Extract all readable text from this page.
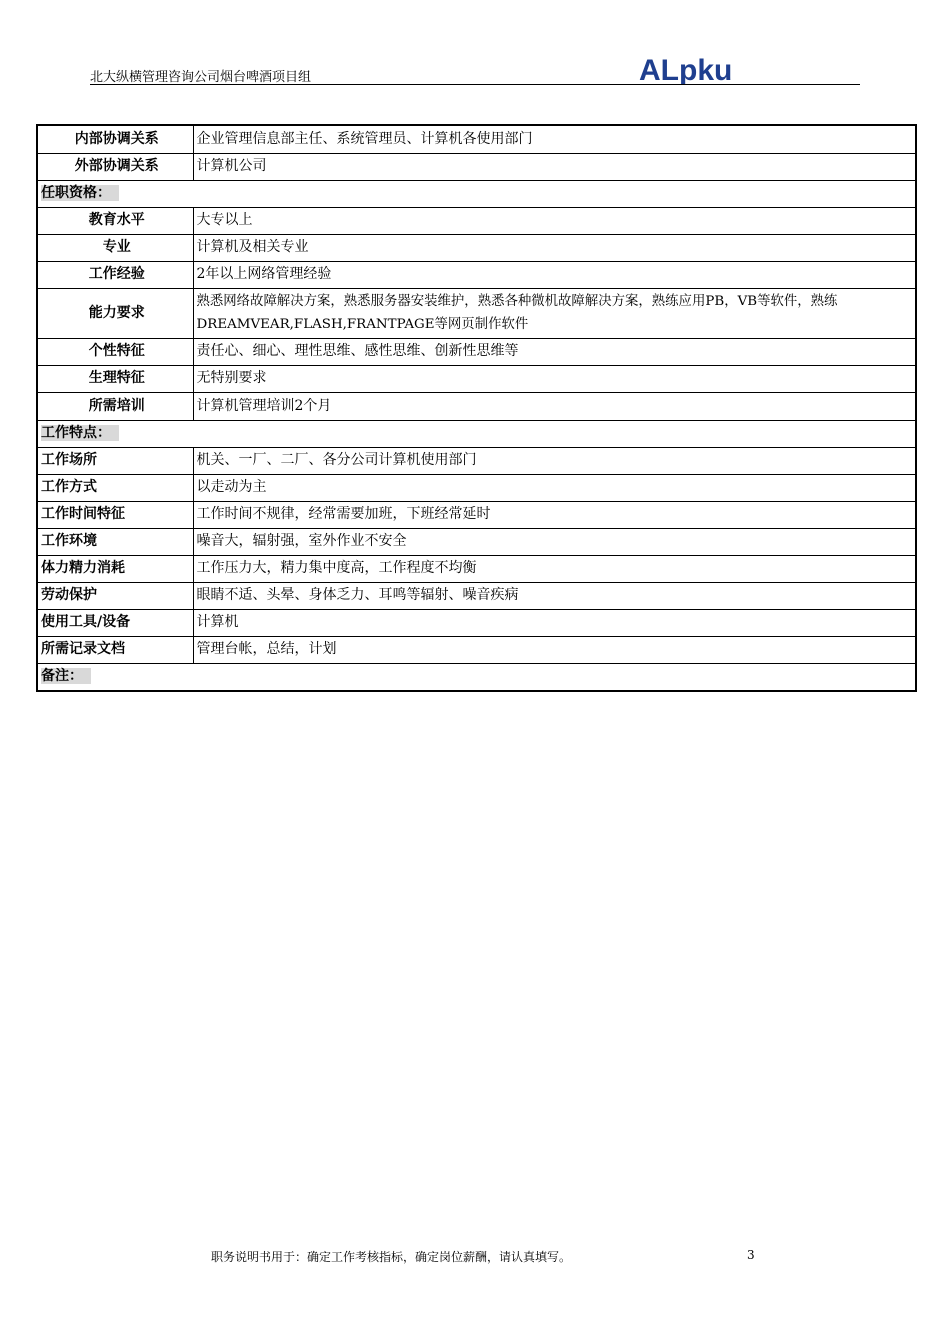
北大纵横管理咨询公司烟台啤酒项目组	ALpku
内部协调关系	企业管理信息部主任、系统管理员、计算机各使用部门
外部协调关系	计算机公司
任职资格：	
教育水平	大专以上
专业	计算机及相关专业
工作经验	2年以上网络管理经验
能力要求	熟悉网络故障解决方案，熟悉服务器安装维护，熟悉各种微机故障解决方案，熟练应用PB，VB等软件，熟练DREAMVEAR,FLASH,FRANTPAGE等网页制作软件
个性特征	责任心、细心、理性思维、感性思维、创新性思维等
生理特征	无特别要求
所需培训	计算机管理培训2个月
工作特点：	
工作场所	机关、一厂、二厂、各分公司计算机使用部门
工作方式	以走动为主
工作时间特征	工作时间不规律，经常需要加班，下班经常延时
工作环境	噪音大，辐射强，室外作业不安全
体力精力消耗	工作压力大，精力集中度高，工作程度不均衡
劳动保护	眼睛不适、头晕、身体乏力、耳鸣等辐射、噪音疾病
使用工具/设备	计算机
所需记录文档	管理台帐，总结，计划
备注：	
职务说明书用于：确定工作考核指标，确定岗位薪酬，请认真填写。	3
